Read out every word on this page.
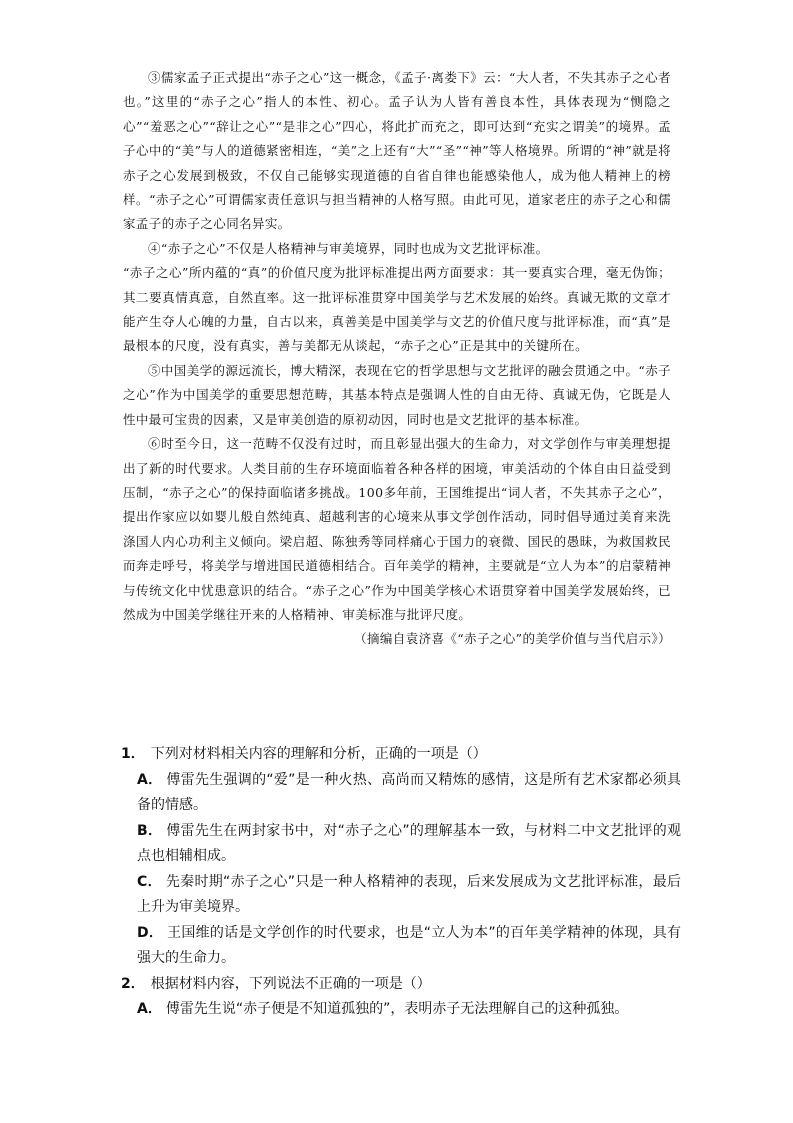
③儒家孟子正式提出“赤子之心”这一概念，《孟子·离娄下》云：“大人者，不失其赤子之心者也。”这里的“赤子之心”指人的本性、初心。孟子认为人皆有善良本性，具体表现为“恻隐之心”“羞恶之心”“辞让之心”“是非之心”四心，将此扩而充之，即可达到“充实之谓美”的境界。孟子心中的“美”与人的道德紧密相连，“美”之上还有“大”“圣”“神”等人格境界。所谓的“神”就是将赤子之心发展到极致，不仅自己能够实现道德的自省自律也能感染他人，成为他人精神上的榜样。“赤子之心”可谓儒家责任意识与担当精神的人格写照。由此可见，道家老庄的赤子之心和儒家孟子的赤子之心同名异实。

④“赤子之心”不仅是人格精神与审美境界，同时也成为文艺批评标准。

“赤子之心”所内蕴的“真”的价值尺度为批评标准提出两方面要求：其一要真实合理，毫无伪饰；其二要真情真意，自然直率。这一批评标准贯穿中国美学与艺术发展的始终。真诚无欺的文章才能产生夺人心魄的力量，自古以来，真善美是中国美学与文艺的价值尺度与批评标准，而“真”是最根本的尺度，没有真实，善与美都无从谈起，“赤子之心”正是其中的关键所在。

⑤中国美学的源远流长，博大精深，表现在它的哲学思想与文艺批评的融会贯通之中。“赤子之心”作为中国美学的重要思想范畴，其基本特点是强调人性的自由无待、真诚无伪，它既是人性中最可宝贵的因素，又是审美创造的原初动因，同时也是文艺批评的基本标准。

⑥时至今日，这一范畴不仅没有过时，而且彰显出强大的生命力，对文学创作与审美理想提出了新的时代要求。人类目前的生存环境面临着各种各样的困境，审美活动的个体自由日益受到压制，“赤子之心”的保持面临诸多挑战。100多年前，王国维提出“词人者，不失其赤子之心”，提出作家应以如婴儿般自然纯真、超越利害的心境来从事文学创作活动，同时倡导通过美育来洗涤国人内心功利主义倾向。梁启超、陈独秀等同样痛心于国力的衰微、国民的愚昧，为救国救民而奔走呼号，将美学与增进国民道德相结合。百年美学的精神，主要就是“立人为本”的启蒙精神与传统文化中忧患意识的结合。“赤子之心”作为中国美学核心术语贯穿着中国美学发展始终，已然成为中国美学继往开来的人格精神、审美标准与批评尺度。

（摘编自袁济喜《“赤子之心”的美学价值与当代启示》）

1． 下列对材料相关内容的理解和分析，正确的一项是（）

A． 傅雷先生强调的“爱”是一种火热、高尚而又精炼的感情，这是所有艺术家都必须具备的情感。

B． 傅雷先生在两封家书中，对“赤子之心”的理解基本一致，与材料二中文艺批评的观点也相辅相成。

C． 先秦时期“赤子之心”只是一种人格精神的表现，后来发展成为文艺批评标准，最后上升为审美境界。

D． 王国维的话是文学创作的时代要求，也是“立人为本”的百年美学精神的体现，具有强大的生命力。

2． 根据材料内容，下列说法不正确的一项是（）

A． 傅雷先生说“赤子便是不知道孤独的”，表明赤子无法理解自己的这种孤独。
